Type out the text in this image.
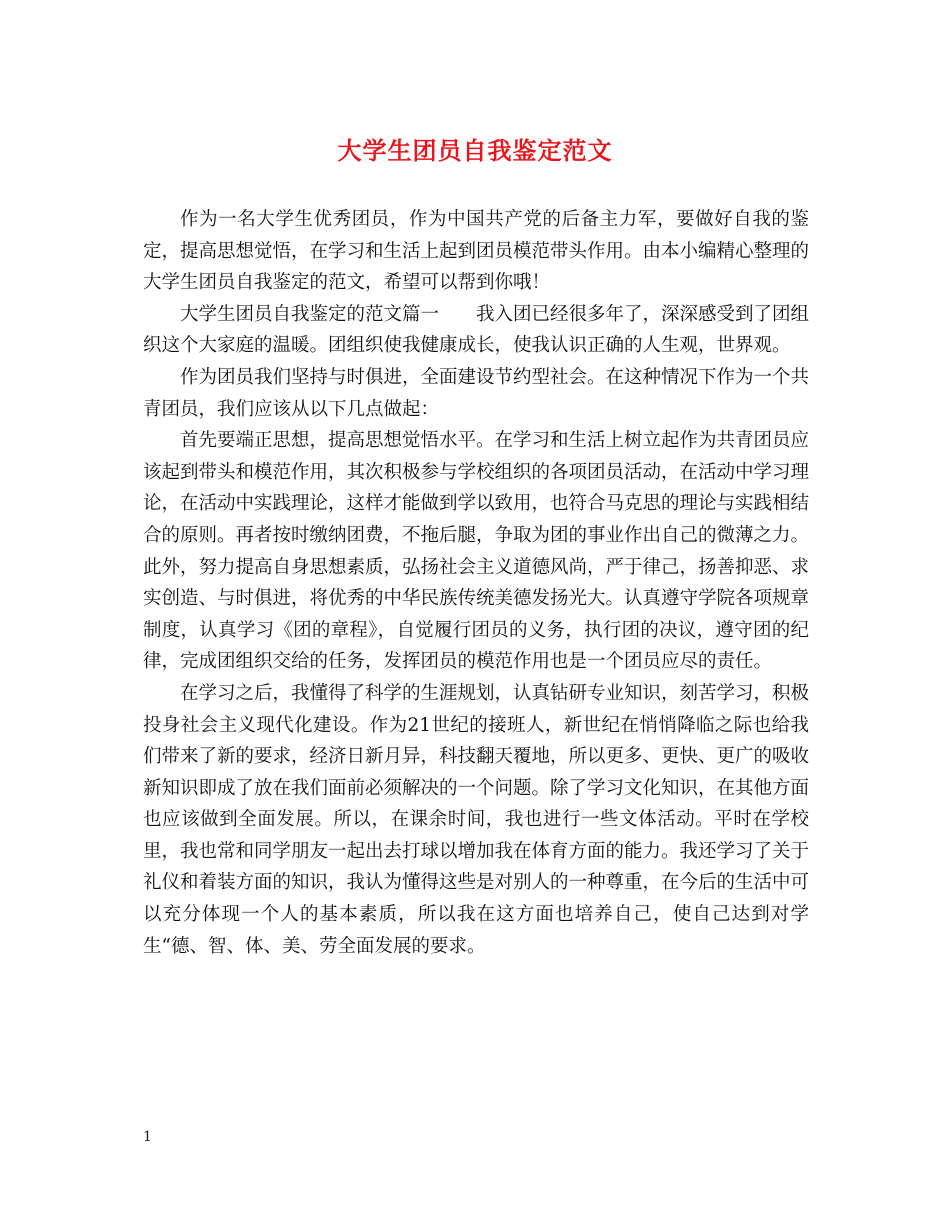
大学生团员自我鉴定范文

作为一名大学生优秀团员，作为中国共产党的后备主力军，要做好自我的鉴定，提高思想觉悟，在学习和生活上起到团员模范带头作用。由本小编精心整理的大学生团员自我鉴定的范文，希望可以帮到你哦！

大学生团员自我鉴定的范文篇一　　我入团已经很多年了，深深感受到了团组织这个大家庭的温暖。团组织使我健康成长，使我认识正确的人生观，世界观。

作为团员我们坚持与时俱进，全面建设节约型社会。在这种情况下作为一个共青团员，我们应该从以下几点做起：

首先要端正思想，提高思想觉悟水平。在学习和生活上树立起作为共青团员应该起到带头和模范作用，其次积极参与学校组织的各项团员活动，在活动中学习理论，在活动中实践理论，这样才能做到学以致用，也符合马克思的理论与实践相结合的原则。再者按时缴纳团费，不拖后腿，争取为团的事业作出自己的微薄之力。此外，努力提高自身思想素质，弘扬社会主义道德风尚，严于律己，扬善抑恶、求实创造、与时俱进，将优秀的中华民族传统美德发扬光大。认真遵守学院各项规章制度，认真学习《团的章程》，自觉履行团员的义务，执行团的决议，遵守团的纪律，完成团组织交给的任务，发挥团员的模范作用也是一个团员应尽的责任。

在学习之后，我懂得了科学的生涯规划，认真钻研专业知识，刻苦学习，积极投身社会主义现代化建设。作为21世纪的接班人，新世纪在悄悄降临之际也给我们带来了新的要求，经济日新月异，科技翻天覆地，所以更多、更快、更广的吸收新知识即成了放在我们面前必须解决的一个问题。除了学习文化知识，在其他方面也应该做到全面发展。所以，在课余时间，我也进行一些文体活动。平时在学校里，我也常和同学朋友一起出去打球以增加我在体育方面的能力。我还学习了关于礼仪和着装方面的知识，我认为懂得这些是对别人的一种尊重，在今后的生活中可以充分体现一个人的基本素质，所以我在这方面也培养自己，使自己达到对学生“德、智、体、美、劳全面发展的要求。

1
